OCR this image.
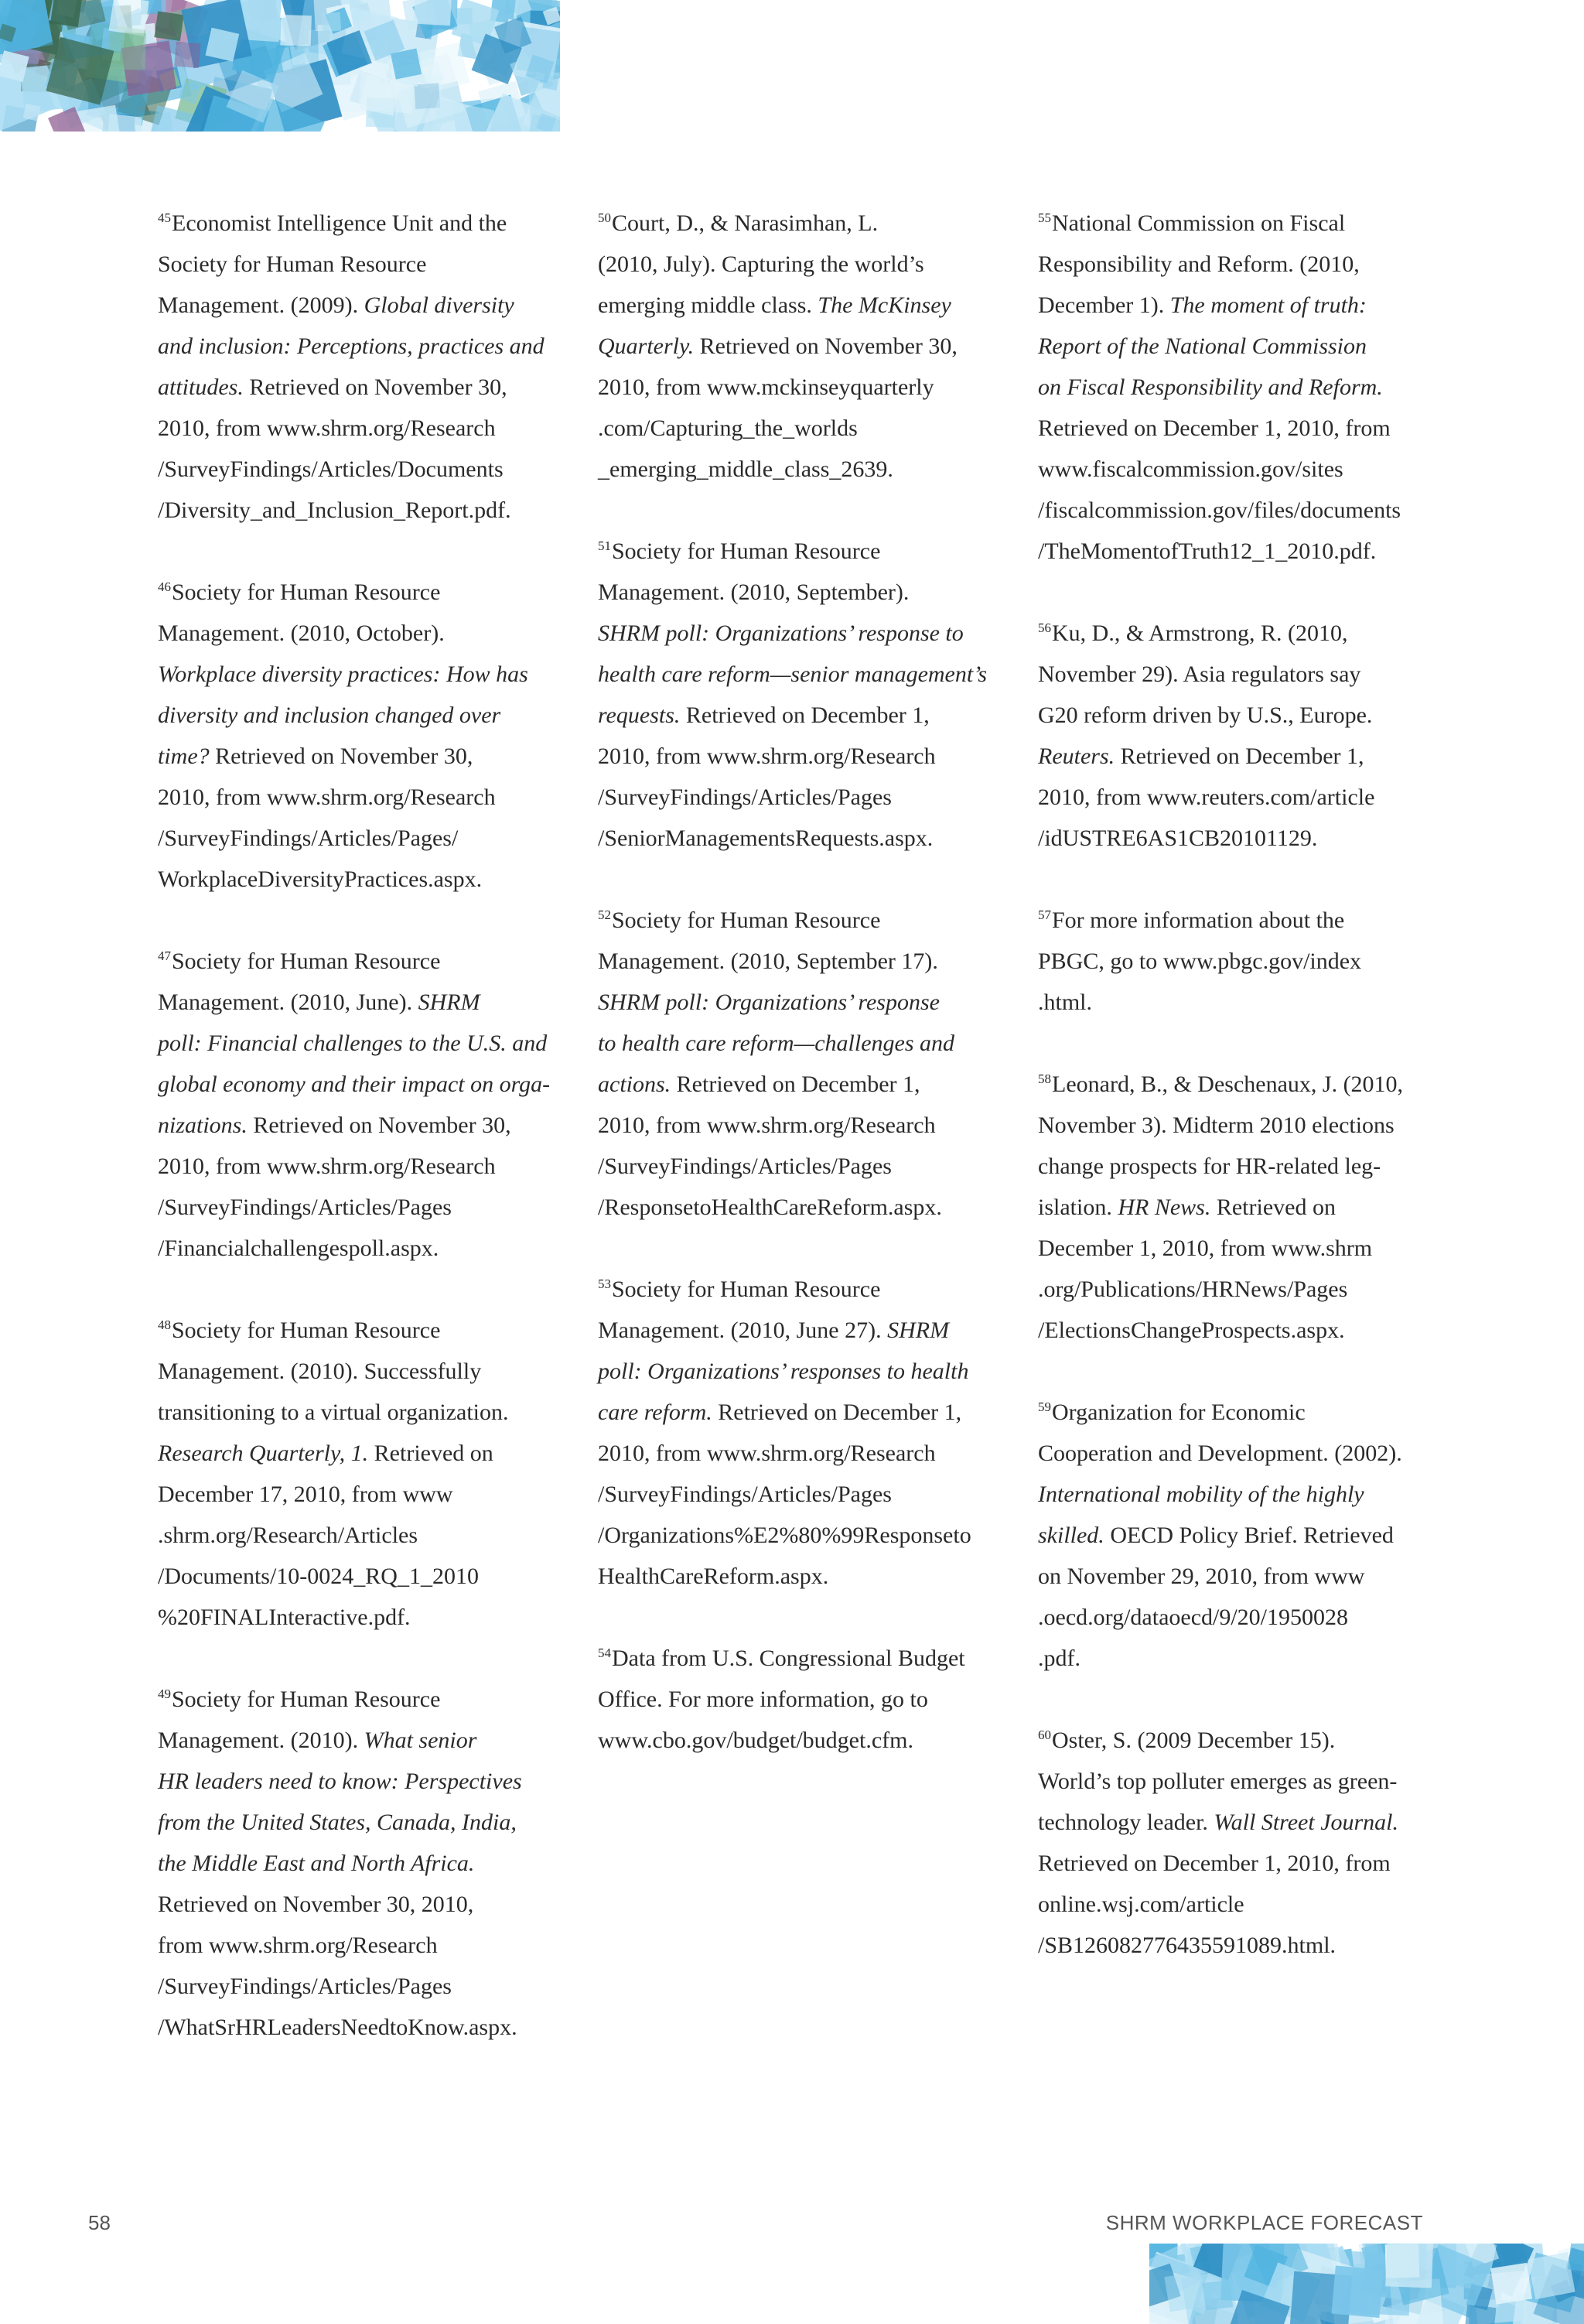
$^{45}$Economist Intelligence Unit and the
Society for Human Resource
Management. (2009). Global diversity
and inclusion: Perceptions, practices and
attitudes. Retrieved on November 30,
2010, from www.shrm.org/Research
/SurveyFindings/Articles/Documents
/Diversity_and_Inclusion_Report.pdf.
$^{46}$Society for Human Resource
Management. (2010, October).
Workplace diversity practices: How has
diversity and inclusion changed over
time? Retrieved on November 30,
2010, from www.shrm.org/Research
/SurveyFindings/Articles/Pages/
WorkplaceDiversityPractices.aspx.
$^{47}$Society for Human Resource
Management. (2010, June). SHRM
poll: Financial challenges to the U.S. and
global economy and their impact on orga-
nizations. Retrieved on November 30,
2010, from www.shrm.org/Research
/SurveyFindings/Articles/Pages
/Financialchallengespoll.aspx.
$^{48}$Society for Human Resource
Management. (2010). Successfully
transitioning to a virtual organization.
Research Quarterly, 1. Retrieved on
December 17, 2010, from www
.shrm.org/Research/Articles
/Documents/10-0024_RQ_1_2010
%20FINALInteractive.pdf.
$^{49}$Society for Human Resource
Management. (2010). What senior
HR leaders need to know: Perspectives
from the United States, Canada, India,
the Middle East and North Africa.
Retrieved on November 30, 2010,
from www.shrm.org/Research
/SurveyFindings/Articles/Pages
/WhatSrHRLeadersNeedtoKnow.aspx.
$^{50}$Court, D., & Narasimhan, L.
(2010, July). Capturing the world’s
emerging middle class. The McKinsey
Quarterly. Retrieved on November 30,
2010, from www.mckinseyquarterly
.com/Capturing_the_worlds
_emerging_middle_class_2639.
$^{51}$Society for Human Resource
Management. (2010, September).
SHRM poll: Organizations’ response to
health care reform—senior management’s
requests. Retrieved on December 1,
2010, from www.shrm.org/Research
/SurveyFindings/Articles/Pages
/SeniorManagementsRequests.aspx.
$^{52}$Society for Human Resource
Management. (2010, September 17).
SHRM poll: Organizations’ response
to health care reform—challenges and
actions. Retrieved on December 1,
2010, from www.shrm.org/Research
/SurveyFindings/Articles/Pages
/ResponsetoHealthCareReform.aspx.
$^{53}$Society for Human Resource
Management. (2010, June 27). SHRM
poll: Organizations’ responses to health
care reform. Retrieved on December 1,
2010, from www.shrm.org/Research
/SurveyFindings/Articles/Pages
/Organizations%E2%80%99Responseto
HealthCareReform.aspx.
$^{54}$Data from U.S. Congressional Budget
Office. For more information, go to
www.cbo.gov/budget/budget.cfm.
$^{55}$National Commission on Fiscal
Responsibility and Reform. (2010,
December 1). The moment of truth:
Report of the National Commission
on Fiscal Responsibility and Reform.
Retrieved on December 1, 2010, from
www.fiscalcommission.gov/sites
/fiscalcommission.gov/files/documents
/TheMomentofTruth12_1_2010.pdf.
$^{56}$Ku, D., & Armstrong, R. (2010,
November 29). Asia regulators say
G20 reform driven by U.S., Europe.
Reuters. Retrieved on December 1,
2010, from www.reuters.com/article
/idUSTRE6AS1CB20101129.
$^{57}$For more information about the
PBGC, go to www.pbgc.gov/index
.html.
$^{58}$Leonard, B., & Deschenaux, J. (2010,
November 3). Midterm 2010 elections
change prospects for HR-related leg-
islation. HR News. Retrieved on
December 1, 2010, from www.shrm
.org/Publications/HRNews/Pages
/ElectionsChangeProspects.aspx.
$^{59}$Organization for Economic
Cooperation and Development. (2002).
International mobility of the highly
skilled. OECD Policy Brief. Retrieved
on November 29, 2010, from www
.oecd.org/dataoecd/9/20/1950028
.pdf.
$^{60}$Oster, S. (2009 December 15).
World’s top polluter emerges as green-
technology leader. Wall Street Journal.
Retrieved on December 1, 2010, from
online.wsj.com/article
/SB126082776435591089.html.
58	SHRM WORKPLACE FORECAST
